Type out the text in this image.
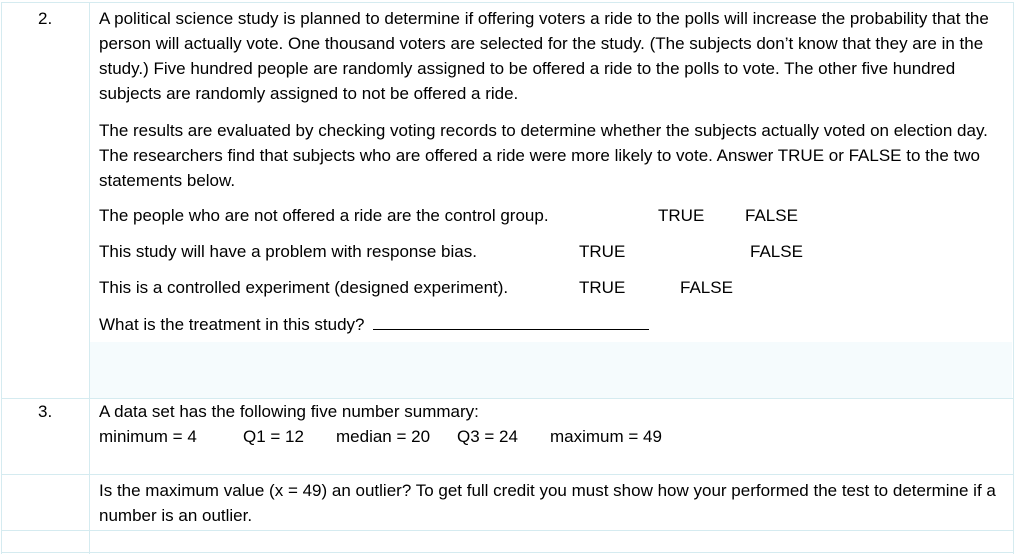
2.	A political science study is planned to determine if offering voters a ride to the polls will increase the probability that the person will actually vote. One thousand voters are selected for the study. (The subjects don’t know that they are in the study.) Five hundred people are randomly assigned to be offered a ride to the polls to vote. The other five hundred subjects are randomly assigned to not be offered a ride.
The results are evaluated by checking voting records to determine whether the subjects actually voted on election day. The researchers find that subjects who are offered a ride were more likely to vote. Answer TRUE or FALSE to the two statements below.
The people who are not offered a ride are the control group.	TRUE FALSE
This study will have a problem with response bias.	TRUE	FALSE
This is a controlled experiment (designed experiment).	TRUE	FALSE
What is the treatment in this study?
3.	A data set has the following five number summary:
minimum = 4	Q1 = 12 median = 20 Q3 = 24 maximum = 49
Is the maximum value (x = 49) an outlier? To get full credit you must show how your performed the test to determine if a number is an outlier.
